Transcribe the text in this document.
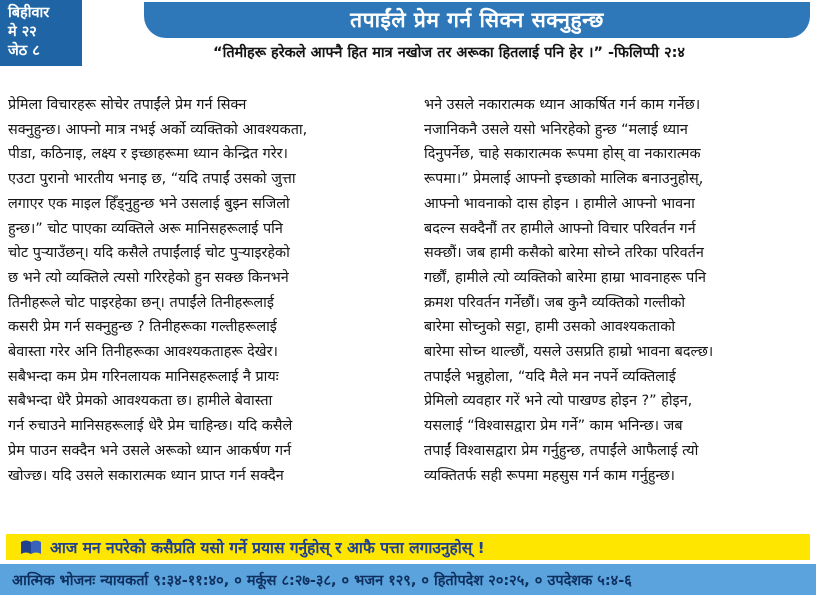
बिहीवार
मे २२
जेठ ८
तपाईंले प्रेम गर्न सिक्न सक्नुहुन्छ
“तिमीहरू हरेकले आफ्नै हित मात्र नखोज तर अरूका हितलाई पनि हेर ।” -फिलिप्पी २:४
प्रेमिला विचारहरू सोचेर तपाईंले प्रेम गर्न सिक्न
सक्नुहुन्छ। आफ्नो मात्र नभई अर्को व्यक्तिको आवश्यकता,
पीडा, कठिनाइ, लक्ष्य र इच्छाहरूमा ध्यान केन्द्रित गरेर।
एउटा पुरानो भारतीय भनाइ छ, “यदि तपाईं उसको जुत्ता
लगाएर एक माइल हिँड्नुहुन्छ भने उसलाई बुझ्न सजिलो
हुन्छ।” चोट पाएका व्यक्तिले अरू मानिसहरूलाई पनि
चोट पुऱ्याउँछन्। यदि कसैले तपाईंलाई चोट पुऱ्याइरहेको
छ भने त्यो व्यक्तिले त्यसो गरिरहेको हुन सक्छ किनभने
तिनीहरूले चोट पाइरहेका छन्। तपाईंले तिनीहरूलाई
कसरी प्रेम गर्न सक्नुहुन्छ ? तिनीहरूका गल्तीहरूलाई
बेवास्ता गरेर अनि तिनीहरूका आवश्यकताहरू देखेर।
सबैभन्दा कम प्रेम गरिनलायक मानिसहरूलाई नै प्रायः
सबैभन्दा धेरै प्रेमको आवश्यकता छ। हामीले बेवास्ता
गर्न रुचाउने मानिसहरूलाई धेरै प्रेम चाहिन्छ। यदि कसैले
प्रेम पाउन सक्दैन भने उसले अरूको ध्यान आकर्षण गर्न
खोज्छ। यदि उसले सकारात्मक ध्यान प्राप्त गर्न सक्दैन
भने उसले नकारात्मक ध्यान आकर्षित गर्न काम गर्नेछ।
नजानिकनै उसले यसो भनिरहेको हुन्छ “मलाई ध्यान
दिनुपर्नेछ, चाहे सकारात्मक रूपमा होस् वा नकारात्मक
रूपमा।” प्रेमलाई आफ्नो इच्छाको मालिक बनाउनुहोस्,
आफ्नो भावनाको दास होइन । हामीले आफ्नो भावना
बदल्न सक्दैनौं तर हामीले आफ्नो विचार परिवर्तन गर्न
सक्छौं। जब हामी कसैको बारेमा सोच्ने तरिका परिवर्तन
गर्छौं, हामीले त्यो व्यक्तिको बारेमा हाम्रा भावनाहरू पनि
क्रमश परिवर्तन गर्नेछौं। जब कुनै व्यक्तिको गल्तीको
बारेमा सोच्नुको सट्टा, हामी उसको आवश्यकताको
बारेमा सोच्न थाल्छौं, यसले उसप्रति हाम्रो भावना बदल्छ।
तपाईंले भन्नुहोला, “यदि मैले मन नपर्ने व्यक्तिलाई
प्रेमिलो व्यवहार गरें भने त्यो पाखण्ड होइन ?” होइन,
यसलाई “विश्वासद्वारा प्रेम गर्ने” काम भनिन्छ। जब
तपाईं विश्वासद्वारा प्रेम गर्नुहुन्छ, तपाईंले आफैलाई त्यो
व्यक्तितर्फ सही रूपमा महसुस गर्न काम गर्नुहुन्छ।
आज मन नपरेको कसैप्रति यसो गर्ने प्रयास गर्नुहोस् र आफै पत्ता लगाउनुहोस् !
आत्मिक भोजनः न्यायकर्ता ९:३४-११:४०, ० मर्कूस ८:२७-३८, ० भजन १२९, ० हितोपदेश २०:२५, ० उपदेशक ५:४-६
